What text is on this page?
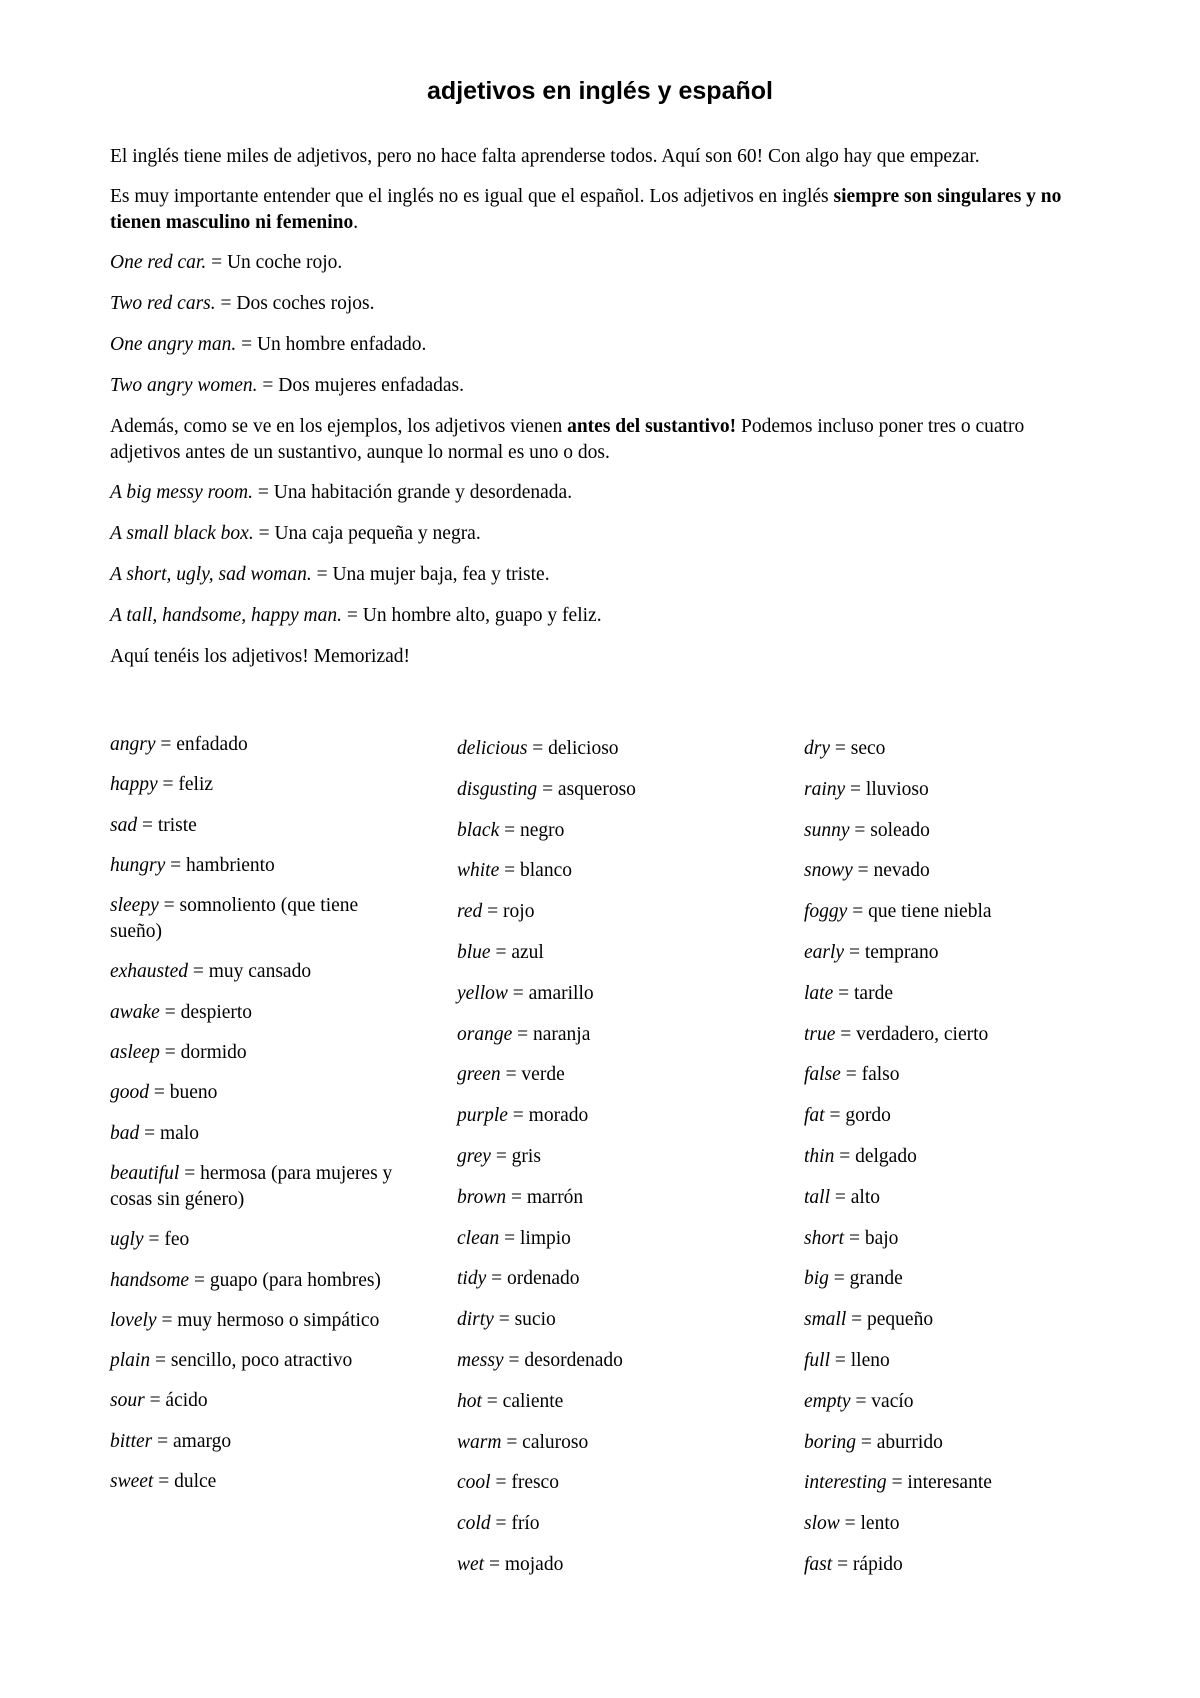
adjetivos en inglés y español

El inglés tiene miles de adjetivos, pero no hace falta aprenderse todos. Aquí son 60! Con algo hay que empezar.

Es muy importante entender que el inglés no es igual que el español. Los adjetivos en inglés siempre son singulares y no tienen masculino ni femenino.

One red car. = Un coche rojo.

Two red cars. = Dos coches rojos.

One angry man. = Un hombre enfadado.

Two angry women. = Dos mujeres enfadadas.

Además, como se ve en los ejemplos, los adjetivos vienen antes del sustantivo! Podemos incluso poner tres o cuatro adjetivos antes de un sustantivo, aunque lo normal es uno o dos.

A big messy room. = Una habitación grande y desordenada.

A small black box. = Una caja pequeña y negra.

A short, ugly, sad woman. = Una mujer baja, fea y triste.

A tall, handsome, happy man. = Un hombre alto, guapo y feliz.

Aquí tenéis los adjetivos! Memorizad!

angry = enfadado
happy = feliz
sad = triste
hungry = hambriento
sleepy = somnoliento (que tiene sueño)
exhausted = muy cansado
awake = despierto
asleep = dormido
good = bueno
bad = malo
beautiful = hermosa (para mujeres y cosas sin género)
ugly = feo
handsome = guapo (para hombres)
lovely = muy hermoso o simpático
plain = sencillo, poco atractivo
sour = ácido
bitter = amargo
sweet = dulce
delicious = delicioso
disgusting = asqueroso
black = negro
white = blanco
red = rojo
blue = azul
yellow = amarillo
orange = naranja
green = verde
purple = morado
grey = gris
brown = marrón
clean = limpio
tidy = ordenado
dirty = sucio
messy = desordenado
hot = caliente
warm = caluroso
cool = fresco
cold = frío
wet = mojado
dry = seco
rainy = lluvioso
sunny = soleado
snowy = nevado
foggy = que tiene niebla
early = temprano
late = tarde
true = verdadero, cierto
false = falso
fat = gordo
thin = delgado
tall = alto
short = bajo
big = grande
small = pequeño
full = lleno
empty = vacío
boring = aburrido
interesting = interesante
slow = lento
fast = rápido
